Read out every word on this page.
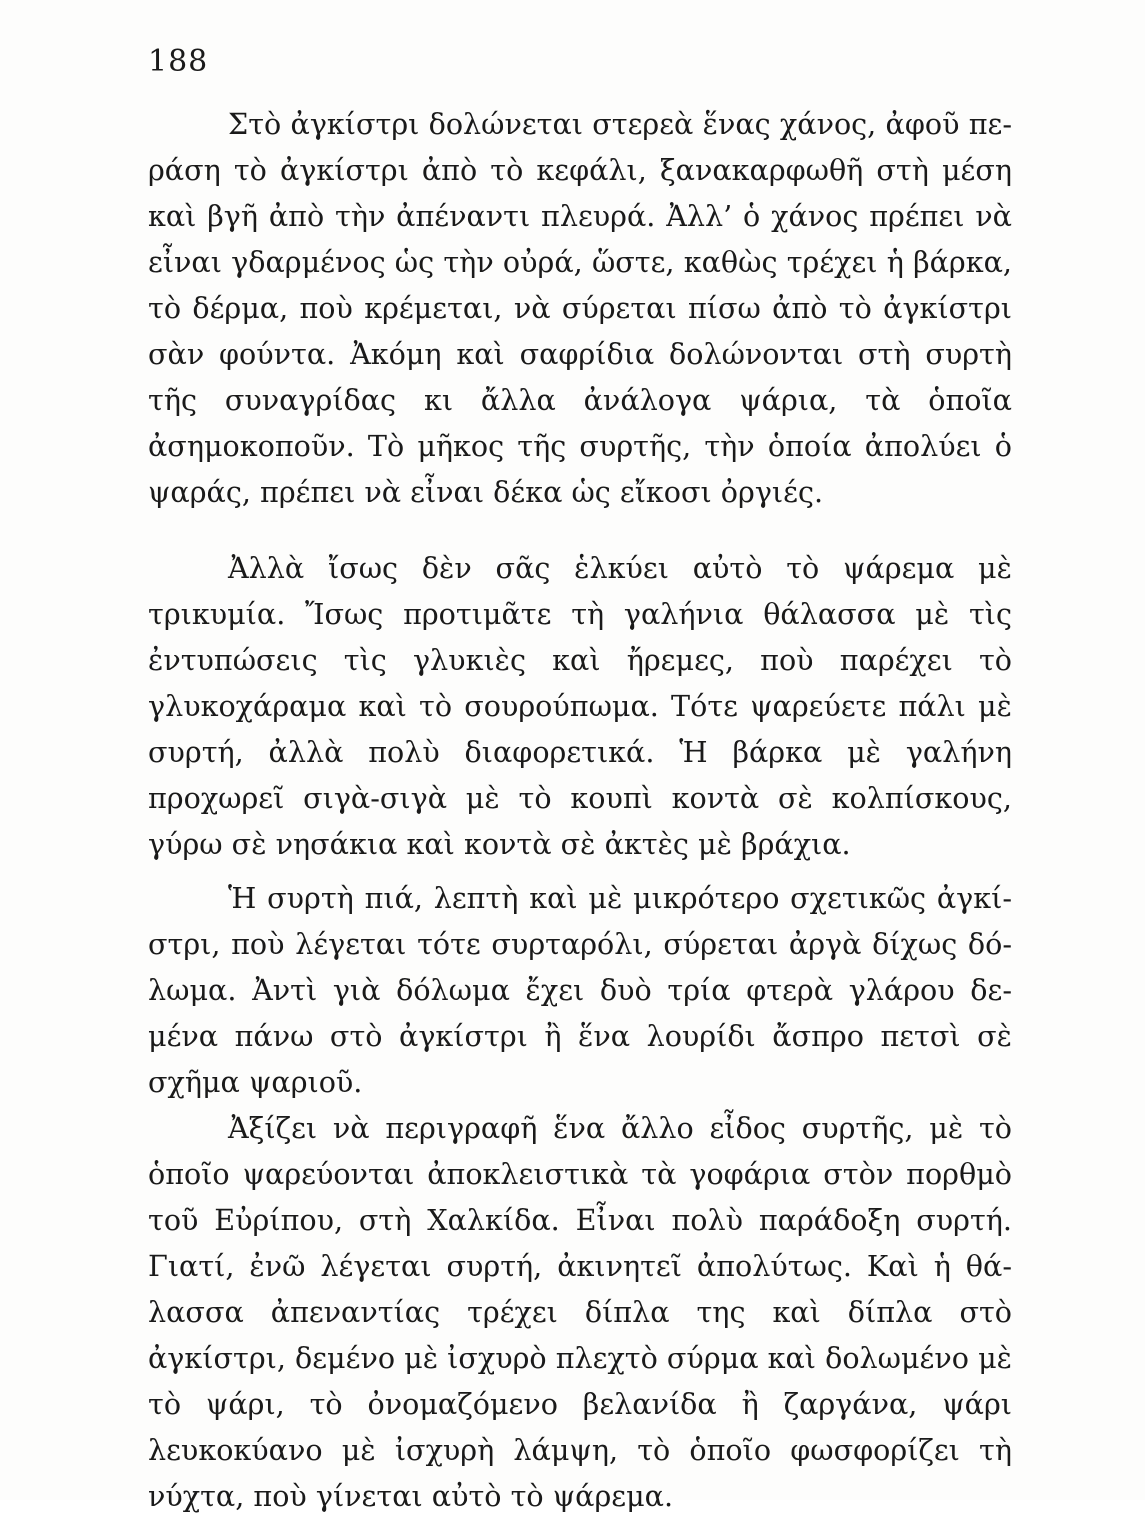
188

Στὸ ἀγκίστρι δολώνεται στερεὰ ἕνας χάνος, ἀφοῦ περάση τὸ ἀγκίστρι ἀπὸ τὸ κεφάλι, ξανακαρφωθῆ στὴ μέση καὶ βγῆ ἀπὸ τὴν ἀπέναντι πλευρά. Ἀλλ’ ὁ χάνος πρέπει νὰ εἶναι γδαρμένος ὡς τὴν οὐρά, ὥστε, καθὼς τρέχει ἡ βάρκα, τὸ δέρμα, ποὺ κρέμεται, νὰ σύρεται πίσω ἀπὸ τὸ ἀγκίστρι σὰν φούντα. Ἀκόμη καὶ σαφρίδια δολώνονται στὴ συρτὴ τῆς συναγρίδας κι ἄλλα ἀνάλογα ψάρια, τὰ ὁποῖα ἀσημοκοποῦν. Τὸ μῆκος τῆς συρτῆς, τὴν ὁποία ἀπολύει ὁ ψαράς, πρέπει νὰ εἶναι δέκα ὡς εἴκοσι ὀργιές.

Ἀλλὰ ἴσως δὲν σᾶς ἑλκύει αὐτὸ τὸ ψάρεμα μὲ τρικυμία. Ἴσως προτιμᾶτε τὴ γαλήνια θάλασσα μὲ τὶς ἐντυπώσεις τὶς γλυκιὲς καὶ ἤρεμες, ποὺ παρέχει τὸ γλυκοχάραμα καὶ τὸ σουρούπωμα. Τότε ψαρεύετε πάλι μὲ συρτή, ἀλλὰ πολὺ διαφορετικά. Ἡ βάρκα μὲ γαλήνη προχωρεῖ σιγὰ-σιγὰ μὲ τὸ κουπὶ κοντὰ σὲ κολπίσκους, γύρω σὲ νησάκια καὶ κοντὰ σὲ ἀκτὲς μὲ βράχια.

Ἡ συρτὴ πιά, λεπτὴ καὶ μὲ μικρότερο σχετικῶς ἀγκίστρι, ποὺ λέγεται τότε συρταρόλι, σύρεται ἀργὰ δίχως δόλωμα. Ἀντὶ γιὰ δόλωμα ἔχει δυὸ τρία φτερὰ γλάρου δεμένα πάνω στὸ ἀγκίστρι ἢ ἕνα λουρίδι ἄσπρο πετσὶ σὲ σχῆμα ψαριοῦ.

Ἀξίζει νὰ περιγραφῆ ἕνα ἄλλο εἶδος συρτῆς, μὲ τὸ ὁποῖο ψαρεύονται ἀποκλειστικὰ τὰ γοφάρια στὸν πορθμὸ τοῦ Εὐρίπου, στὴ Χαλκίδα. Εἶναι πολὺ παράδοξη συρτή. Γιατί, ἐνῶ λέγεται συρτή, ἀκινητεῖ ἀπολύτως. Καὶ ἡ θάλασσα ἀπεναντίας τρέχει δίπλα της καὶ δίπλα στὸ ἀγκίστρι, δεμένο μὲ ἰσχυρὸ πλεχτὸ σύρμα καὶ δολωμένο μὲ τὸ ψάρι, τὸ ὀνομαζόμενο βελανίδα ἢ ζαργάνα, ψάρι λευκοκύανο μὲ ἰσχυρὴ λάμψη, τὸ ὁποῖο φωσφορίζει τὴ νύχτα, ποὺ γίνεται αὐτὸ τὸ ψάρεμα.
